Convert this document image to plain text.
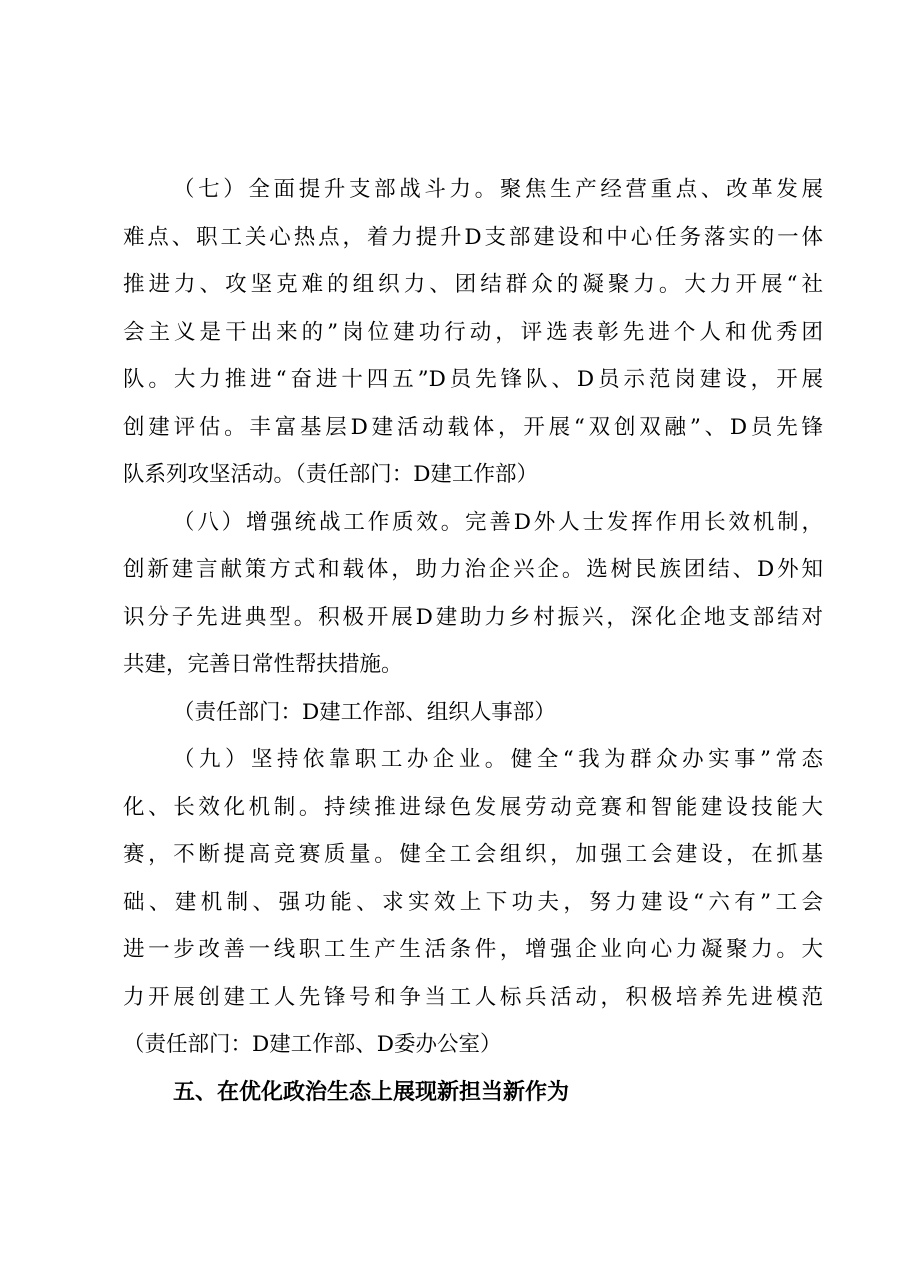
（七）全面提升支部战斗力。聚焦生产经营重点、改革发展
难点、职工关心热点，着力提升D支部建设和中心任务落实的一体
推进力、攻坚克难的组织力、团结群众的凝聚力。大力开展“社
会主义是干出来的”岗位建功行动，评选表彰先进个人和优秀团
队。大力推进“奋进十四五”D员先锋队、D员示范岗建设，开展
创建评估。丰富基层D建活动载体，开展“双创双融”、D员先锋
队系列攻坚活动。（责任部门：D建工作部）
（八）增强统战工作质效。完善D外人士发挥作用长效机制，
创新建言献策方式和载体，助力治企兴企。选树民族团结、D外知
识分子先进典型。积极开展D建助力乡村振兴，深化企地支部结对
共建，完善日常性帮扶措施。
（责任部门：D建工作部、组织人事部）
（九）坚持依靠职工办企业。健全“我为群众办实事”常态
化、长效化机制。持续推进绿色发展劳动竞赛和智能建设技能大
赛，不断提高竞赛质量。健全工会组织，加强工会建设，在抓基
础、建机制、强功能、求实效上下功夫，努力建设“六有”工会
进一步改善一线职工生产生活条件，增强企业向心力凝聚力。大
力开展创建工人先锋号和争当工人标兵活动，积极培养先进模范
（责任部门：D建工作部、D委办公室）
五、在优化政治生态上展现新担当新作为
